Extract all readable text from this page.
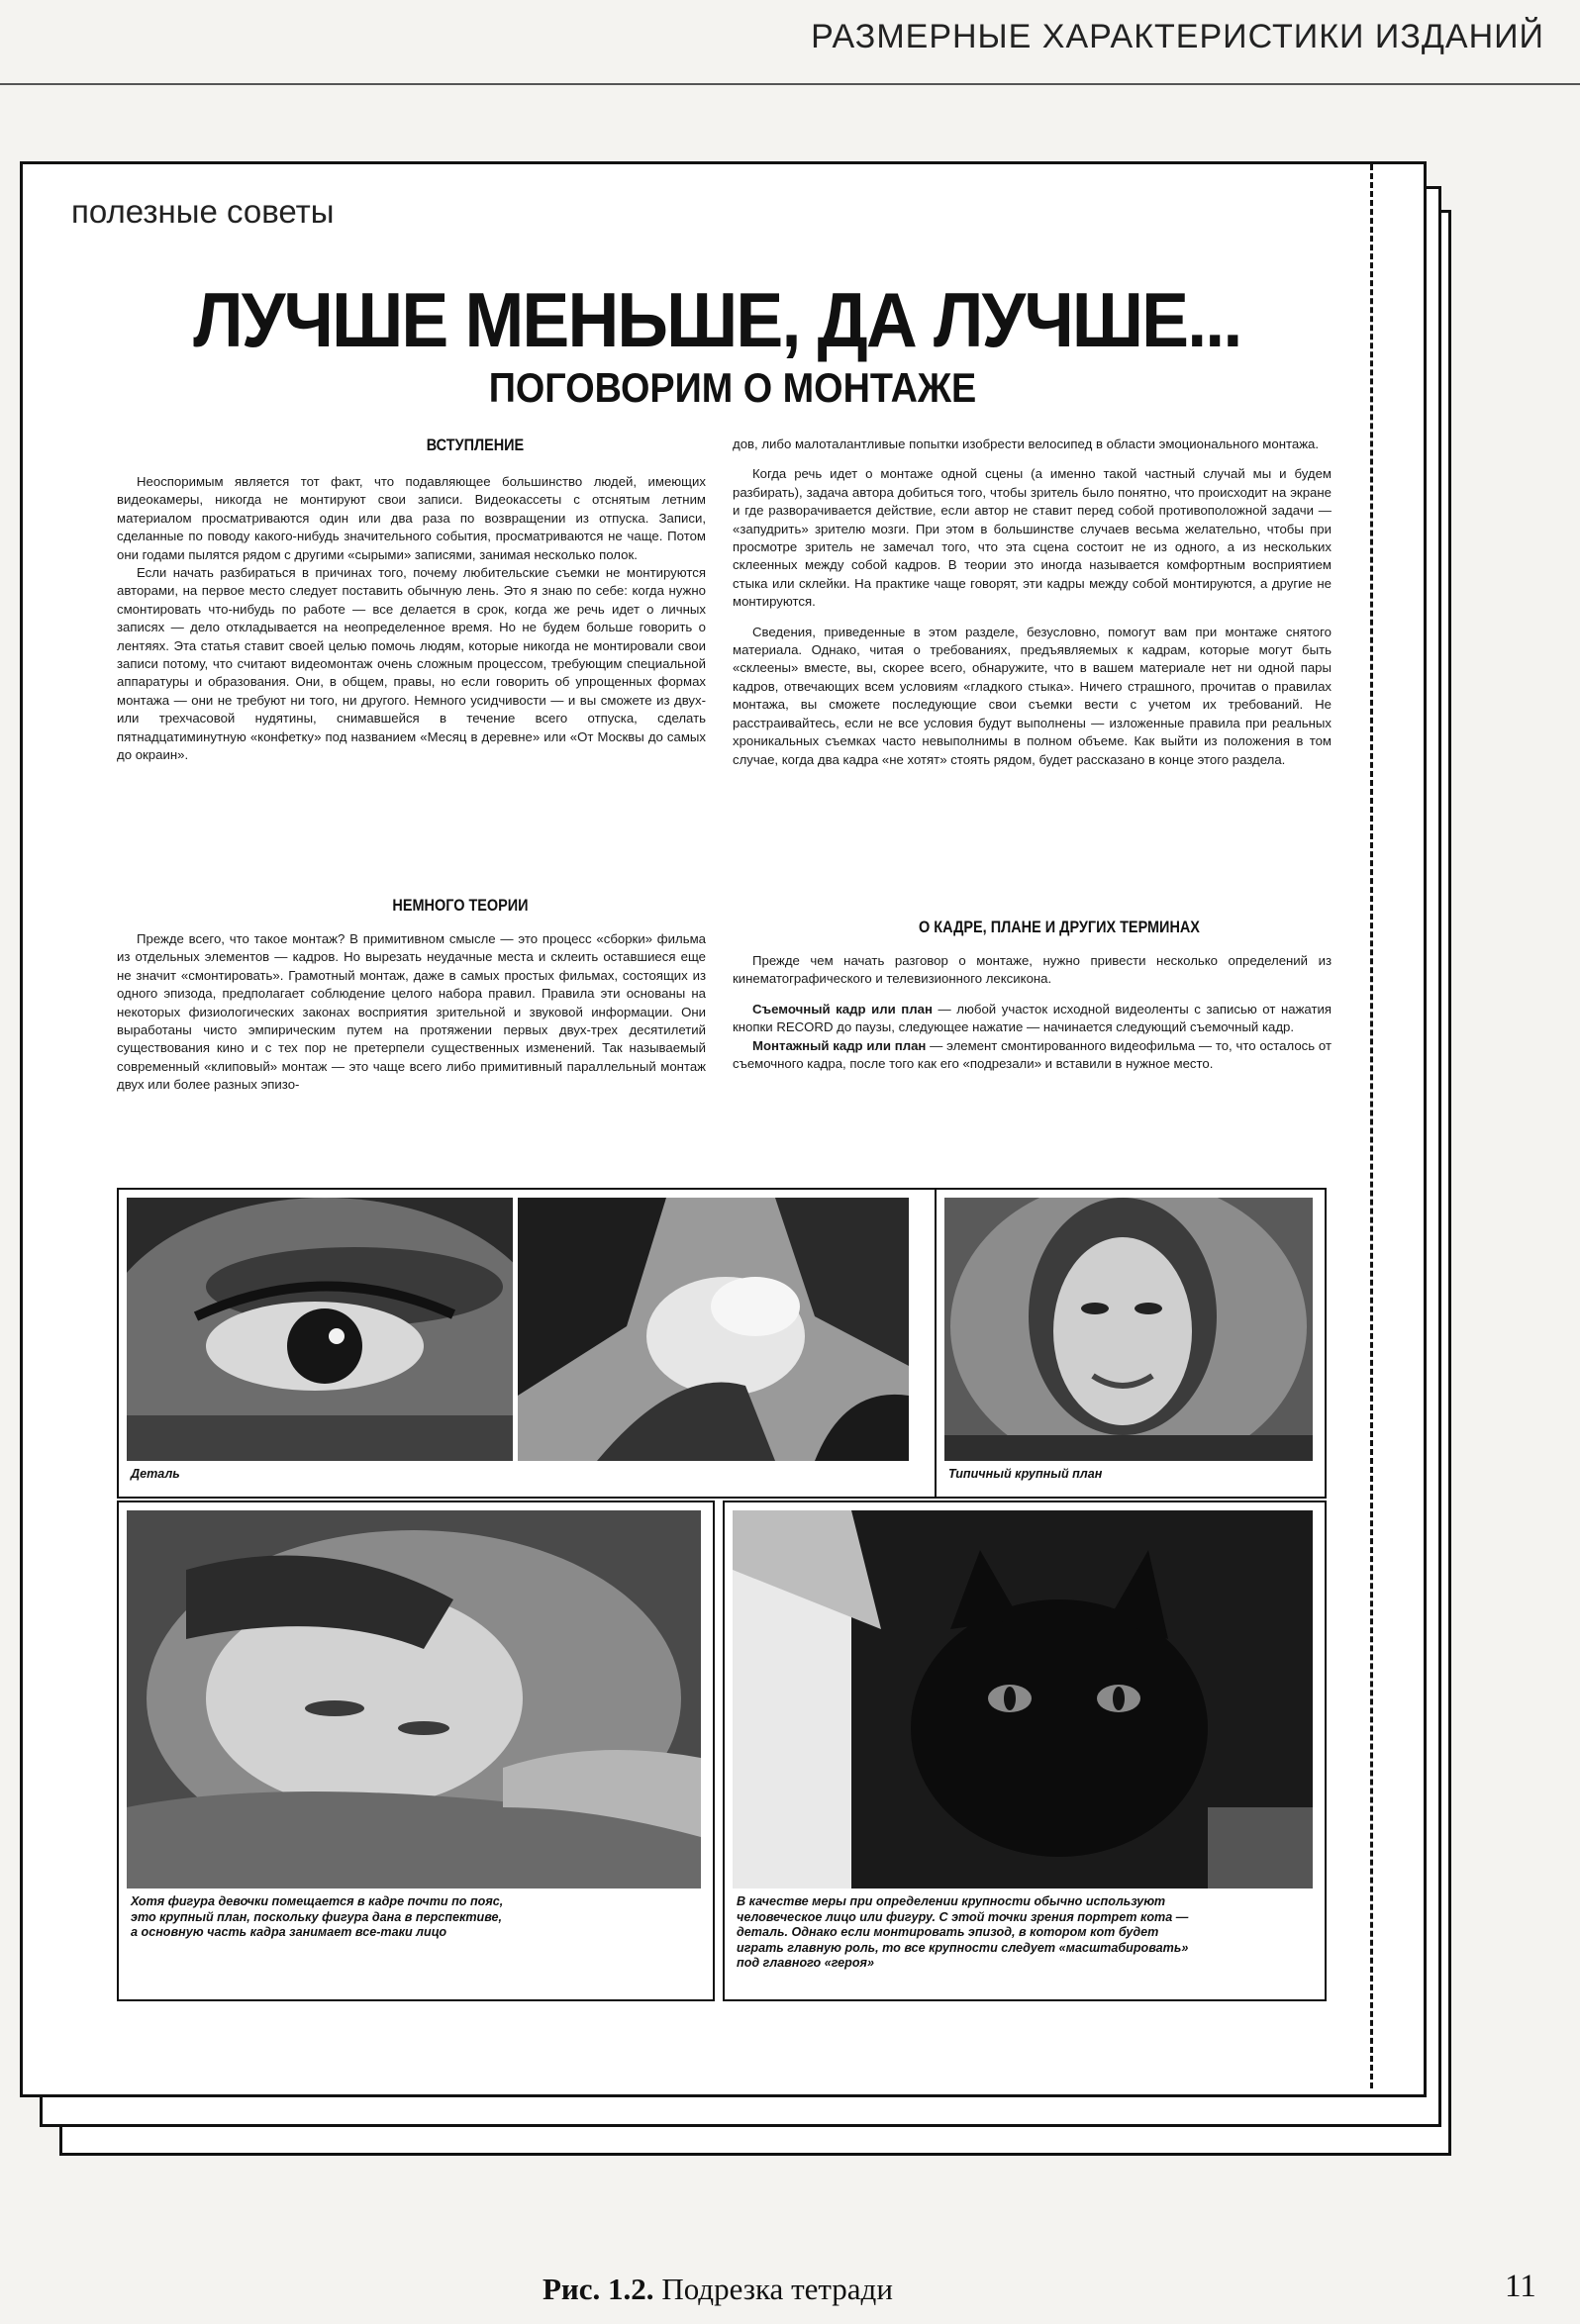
РАЗМЕРНЫЕ ХАРАКТЕРИСТИКИ ИЗДАНИЙ
полезные советы
ЛУЧШЕ МЕНЬШЕ, ДА ЛУЧШЕ...
ПОГОВОРИМ О МОНТАЖЕ
ВСТУПЛЕНИЕ

Неоспоримым является тот факт, что подавляющее большинство людей, имеющих видеокамеры, никогда не монтируют свои записи. Видеокассеты с отснятым летним материалом просматриваются один или два раза по возвращении из отпуска. Записи, сделанные по поводу какого-нибудь значительного события, просматриваются не чаще. Потом они годами пылятся рядом с другими «сырыми» записями, занимая несколько полок.

Если начать разбираться в причинах того, почему любительские съемки не монтируются авторами, на первое место следует поставить обычную лень. Это я знаю по себе: когда нужно смонтировать что-нибудь по работе — все делается в срок, когда же речь идет о личных записях — дело откладывается на неопределенное время. Но не будем больше говорить о лентяях. Эта статья ставит своей целью помочь людям, которые никогда не монтировали свои записи потому, что считают видеомонтаж очень сложным процессом, требующим специальной аппаратуры и образования. Они, в общем, правы, но если говорить об упрощенных формах монтажа — они не требуют ни того, ни другого. Немного усидчивости — и вы сможете из двух- или трехчасовой нудятины, снимавшейся в течение всего отпуска, сделать пятнадцатиминутную «конфетку» под названием «Месяц в деревне» или «От Москвы до самых до окраин».

НЕМНОГО ТЕОРИИ

Прежде всего, что такое монтаж? В примитивном смысле — это процесс «сборки» фильма из отдельных элементов — кадров. Но вырезать неудачные места и склеить оставшиеся еще не значит «смонтировать». Грамотный монтаж, даже в самых простых фильмах, состоящих из одного эпизода, предполагает соблюдение целого набора правил. Правила эти основаны на некоторых физиологических законах восприятия зрительной и звуковой информации. Они выработаны чисто эмпирическим путем на протяжении первых двух-трех десятилетий существования кино и с тех пор не претерпели существенных изменений. Так называемый современный «клиповый» монтаж — это чаще всего либо примитивный параллельный монтаж двух или более разных эпизо-

дов, либо малоталантливые попытки изобрести велосипед в области эмоционального монтажа.

Когда речь идет о монтаже одной сцены (а именно такой частный случай мы и будем разбирать), задача автора добиться того, чтобы зритель было понятно, что происходит на экране и где разворачивается действие, если автор не ставит перед собой противоположной задачи — «запудрить» зрителю мозги. При этом в большинстве случаев весьма желательно, чтобы при просмотре зритель не замечал того, что эта сцена состоит не из одного, а из нескольких склеенных между собой кадров. В теории это иногда называется комфортным восприятием стыка или склейки. На практике чаще говорят, эти кадры между собой монтируются, а другие не монтируются.

Сведения, приведенные в этом разделе, безусловно, помогут вам при монтаже снятого материала. Однако, читая о требованиях, предъявляемых к кадрам, которые могут быть «склеены» вместе, вы, скорее всего, обнаружите, что в вашем материале нет ни одной пары кадров, отвечающих всем условиям «гладкого стыка». Ничего страшного, прочитав о правилах монтажа, вы сможете последующие свои съемки вести с учетом их требований. Не расстраивайтесь, если не все условия будут выполнены — изложенные правила при реальных хроникальных съемках часто невыполнимы в полном объеме. Как выйти из положения в том случае, когда два кадра «не хотят» стоять рядом, будет рассказано в конце этого раздела.

О КАДРЕ, ПЛАНЕ И ДРУГИХ ТЕРМИНАХ

Прежде чем начать разговор о монтаже, нужно привести несколько определений из кинематографического и телевизионного лексикона.

Съемочный кадр или план — любой участок исходной видеоленты с записью от нажатия кнопки RECORD до паузы, следующее нажатие — начинается следующий съемочный кадр.

Монтажный кадр или план — элемент смонтированного видеофильма — то, что осталось от съемочного кадра, после того как его «подрезали» и вставили в нужное место.

Деталь	Типичный крупный план
Хотя фигура девочки помещается в кадре почти по пояс, это крупный план, поскольку фигура дана в перспективе, а основную часть кадра занимает все-таки лицо
В качестве меры при определении крупности обычно используют человеческое лицо или фигуру. С этой точки зрения портрет кота — деталь. Однако если монтировать эпизод, в котором кот будет играть главную роль, то все крупности следует «масштабировать» под главного «героя»
Рис. 1.2. Подрезка тетради	11
